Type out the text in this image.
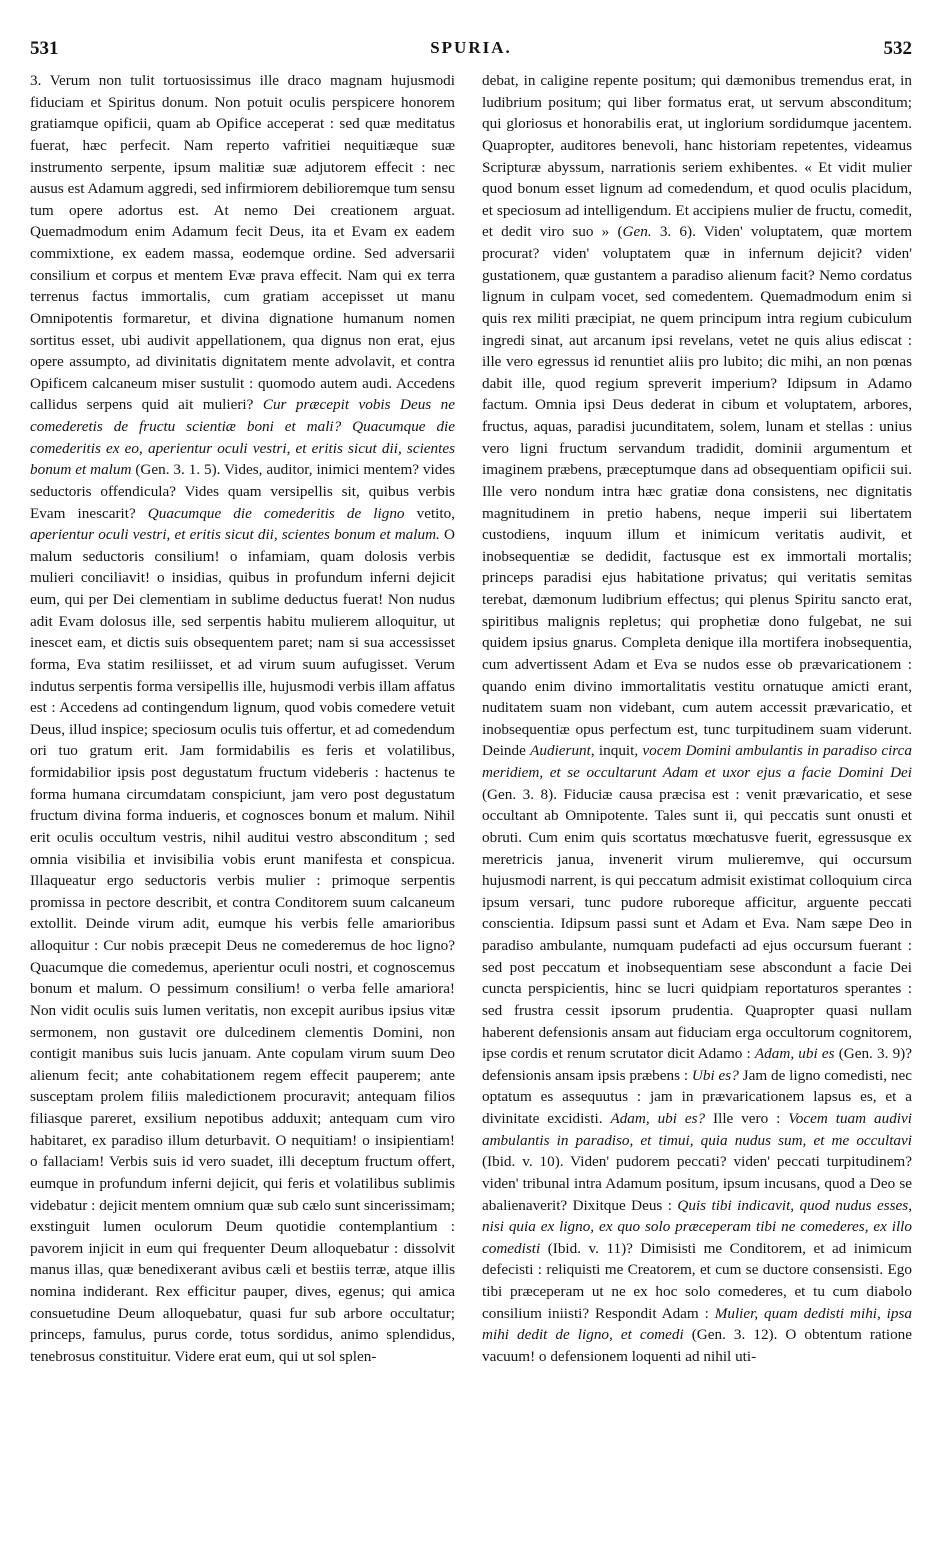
531	SPURIA.	532

3. Verum non tulit tortuosissimus ille draco magnam hujusmodi fiduciam et Spiritus donum. Non potuit oculis perspicere honorem gratiamque opificii, quam ab Opifice acceperat : sed quæ meditatus fuerat, hæc perfecit. Nam reperto vafritiei nequitiæque suæ instrumento serpente, ipsum malitiæ suæ adjutorem effecit : nec ausus est Adamum aggredi, sed infirmiorem debilioremque tum sensu tum opere adortus est. At nemo Dei creationem arguat. Quemadmodum enim Adamum fecit Deus, ita et Evam ex eadem commixtione, ex eadem massa, eodemque ordine. Sed adversarii consilium et corpus et mentem Evæ prava effecit. Nam qui ex terra terrenus factus immortalis, cum gratiam accepisset ut manu Omnipotentis formaretur, et divina dignatione humanum nomen sortitus esset, ubi audivit appellationem, qua dignus non erat, ejus opere assumpto, ad divinitatis dignitatem mente advolavit, et contra Opificem calcaneum miser sustulit : quomodo autem audi. Accedens callidus serpens quid ait mulieri? Cur præcepit vobis Deus ne comederetis de fructu scientiæ boni et mali? Quacumque die comederitis ex eo, aperientur oculi vestri, et eritis sicut dii, scientes bonum et malum (Gen. 3. 1. 5). Vides, auditor, inimici mentem? vides seductoris offendicula? Vides quam versipellis sit, quibus verbis Evam inescarit? Quacumque die comederitis de ligno vetito, aperientur oculi vestri, et eritis sicut dii, scientes bonum et malum. O malum seductoris consilium! o infamiam, quam dolosis verbis mulieri conciliavit! o insidias, quibus in profundum inferni dejicit eum, qui per Dei clementiam in sublime deductus fuerat! Non nudus adit Evam dolosus ille, sed serpentis habitu mulierem alloquitur, ut inescet eam, et dictis suis obsequentem paret; nam si sua accessisset forma, Eva statim resiliisset, et ad virum suum aufugisset. Verum indutus serpentis forma versipellis ille, hujusmodi verbis illam affatus est : Accedens ad contingendum lignum, quod vobis comedere vetuit Deus, illud inspice; speciosum oculis tuis offertur, et ad comedendum ori tuo gratum erit. Jam formidabilis es feris et volatilibus, formidabilior ipsis post degustatum fructum videberis : hactenus te forma humana circumdatam conspiciunt, jam vero post degustatum fructum divina forma indueris, et cognosces bonum et malum. Nihil erit oculis occultum vestris, nihil auditui vestro absconditum ; sed omnia visibilia et invisibilia vobis erunt manifesta et conspicua. Illaqueatur ergo seductoris verbis mulier : primoque serpentis promissa in pectore describit, et contra Conditorem suum calcaneum extollit. Deinde virum adit, eumque his verbis felle amarioribus alloquitur : Cur nobis præcepit Deus ne comederemus de hoc ligno? Quacumque die comedemus, aperientur oculi nostri, et cognoscemus bonum et malum. O pessimum consilium! o verba felle amariora! Non vidit oculis suis lumen veritatis, non excepit auribus ipsius vitæ sermonem, non gustavit ore dulcedinem clementis Domini, non contigit manibus suis lucis januam. Ante copulam virum suum Deo alienum fecit; ante cohabitationem regem effecit pauperem; ante susceptam prolem filiis maledictionem procuravit; antequam filios filiasque pareret, exsilium nepotibus adduxit; antequam cum viro habitaret, ex paradiso illum deturbavit. O nequitiam! o insipientiam! o fallaciam! Verbis suis id vero suadet, illi deceptum fructum offert, eumque in profundum inferni dejicit, qui feris et volatilibus sublimis videbatur : dejicit mentem omnium quæ sub cælo sunt sincerissimam; exstinguit lumen oculorum Deum quotidie contemplantium : pavorem injicit in eum qui frequenter Deum alloquebatur : dissolvit manus illas, quæ benedixerant avibus cæli et bestiis terræ, atque illis nomina indiderant. Rex efficitur pauper, dives, egenus; qui amica consuetudine Deum alloquebatur, quasi fur sub arbore occultatur; princeps, famulus, purus corde, totus sordidus, animo splendidus, tenebrosus constituitur. Videre erat eum, qui ut sol splen-

debat, in caligine repente positum; qui dæmonibus tremendus erat, in ludibrium positum; qui liber formatus erat, ut servum absconditum; qui gloriosus et honorabilis erat, ut inglorium sordidumque jacentem. Quapropter, auditores benevoli, hanc historiam repetentes, videamus Scripturæ abyssum, narrationis seriem exhibentes. « Et vidit mulier quod bonum esset lignum ad comedendum, et quod oculis placidum, et speciosum ad intelligendum. Et accipiens mulier de fructu, comedit, et dedit viro suo » (Gen. 3. 6). Viden' voluptatem, quæ mortem procurat? viden' voluptatem quæ in infernum dejicit? viden' gustationem, quæ gustantem a paradiso alienum facit? Nemo cordatus lignum in culpam vocet, sed comedentem. Quemadmodum enim si quis rex militi præcipiat, ne quem principum intra regium cubiculum ingredi sinat, aut arcanum ipsi revelans, vetet ne quis alius ediscat : ille vero egressus id renuntiet aliis pro lubito; dic mihi, an non pœnas dabit ille, quod regium spreverit imperium? Idipsum in Adamo factum. Omnia ipsi Deus dederat in cibum et voluptatem, arbores, fructus, aquas, paradisi jucunditatem, solem, lunam et stellas : unius vero ligni fructum servandum tradidit, dominii argumentum et imaginem præbens, præceptumque dans ad obsequentiam opificii sui. Ille vero nondum intra hæc gratiæ dona consistens, nec dignitatis magnitudinem in pretio habens, neque imperii sui libertatem custodiens, inquum illum et inimicum veritatis audivit, et inobsequentiæ se dedidit, factusque est ex immortali mortalis; princeps paradisi ejus habitatione privatus; qui veritatis semitas terebat, dæmonum ludibrium effectus; qui plenus Spiritu sancto erat, spiritibus malignis repletus; qui prophetiæ dono fulgebat, ne sui quidem ipsius gnarus. Completa denique illa mortifera inobsequentia, cum advertissent Adam et Eva se nudos esse ob prævaricationem : quando enim divino immortalitatis vestitu ornatuque amicti erant, nuditatem suam non videbant, cum autem accessit prævaricatio, et inobsequentiæ opus perfectum est, tunc turpitudinem suam viderunt. Deinde Audierunt, inquit, vocem Domini ambulantis in paradiso circa meridiem, et se occultarunt Adam et uxor ejus a facie Domini Dei (Gen. 3. 8). Fiduciæ causa præcisa est : venit prævaricatio, et sese occultant ab Omnipotente. Tales sunt ii, qui peccatis sunt onusti et obruti. Cum enim quis scortatus mœchatusve fuerit, egressusque ex meretricis janua, invenerit virum mulieremve, qui occursum hujusmodi narrent, is qui peccatum admisit existimat colloquium circa ipsum versari, tunc pudore ruboreque afficitur, arguente peccati conscientia. Idipsum passi sunt et Adam et Eva. Nam sæpe Deo in paradiso ambulante, numquam pudefacti ad ejus occursum fuerant : sed post peccatum et inobsequentiam sese abscondunt a facie Dei cuncta perspicientis, hinc se lucri quidpiam reportaturos sperantes : sed frustra cessit ipsorum prudentia. Quapropter quasi nullam haberent defensionis ansam aut fiduciam erga occultorum cognitorem, ipse cordis et renum scrutator dicit Adamo : Adam, ubi es (Gen. 3. 9)? defensionis ansam ipsis præbens : Ubi es? Jam de ligno comedisti, nec optatum es assequutus : jam in prævaricationem lapsus es, et a divinitate excidisti. Adam, ubi es? Ille vero : Vocem tuam audivi ambulantis in paradiso, et timui, quia nudus sum, et me occultavi (Ibid. v. 10). Viden' pudorem peccati? viden' peccati turpitudinem? viden' tribunal intra Adamum positum, ipsum incusans, quod a Deo se abalienaverit? Dixitque Deus : Quis tibi indicavit, quod nudus esses, nisi quia ex ligno, ex quo solo præceperam tibi ne comederes, ex illo comedisti (Ibid. v. 11)? Dimisisti me Conditorem, et ad inimicum defecisti : reliquisti me Creatorem, et cum se ductore consensisti. Ego tibi præceperam ut ne ex hoc solo comederes, et tu cum diabolo consilium iniisti? Respondit Adam : Mulier, quam dedisti mihi, ipsa mihi dedit de ligno, et comedi (Gen. 3. 12). O obtentum ratione vacuum! o defensionem loquenti ad nihil uti-
